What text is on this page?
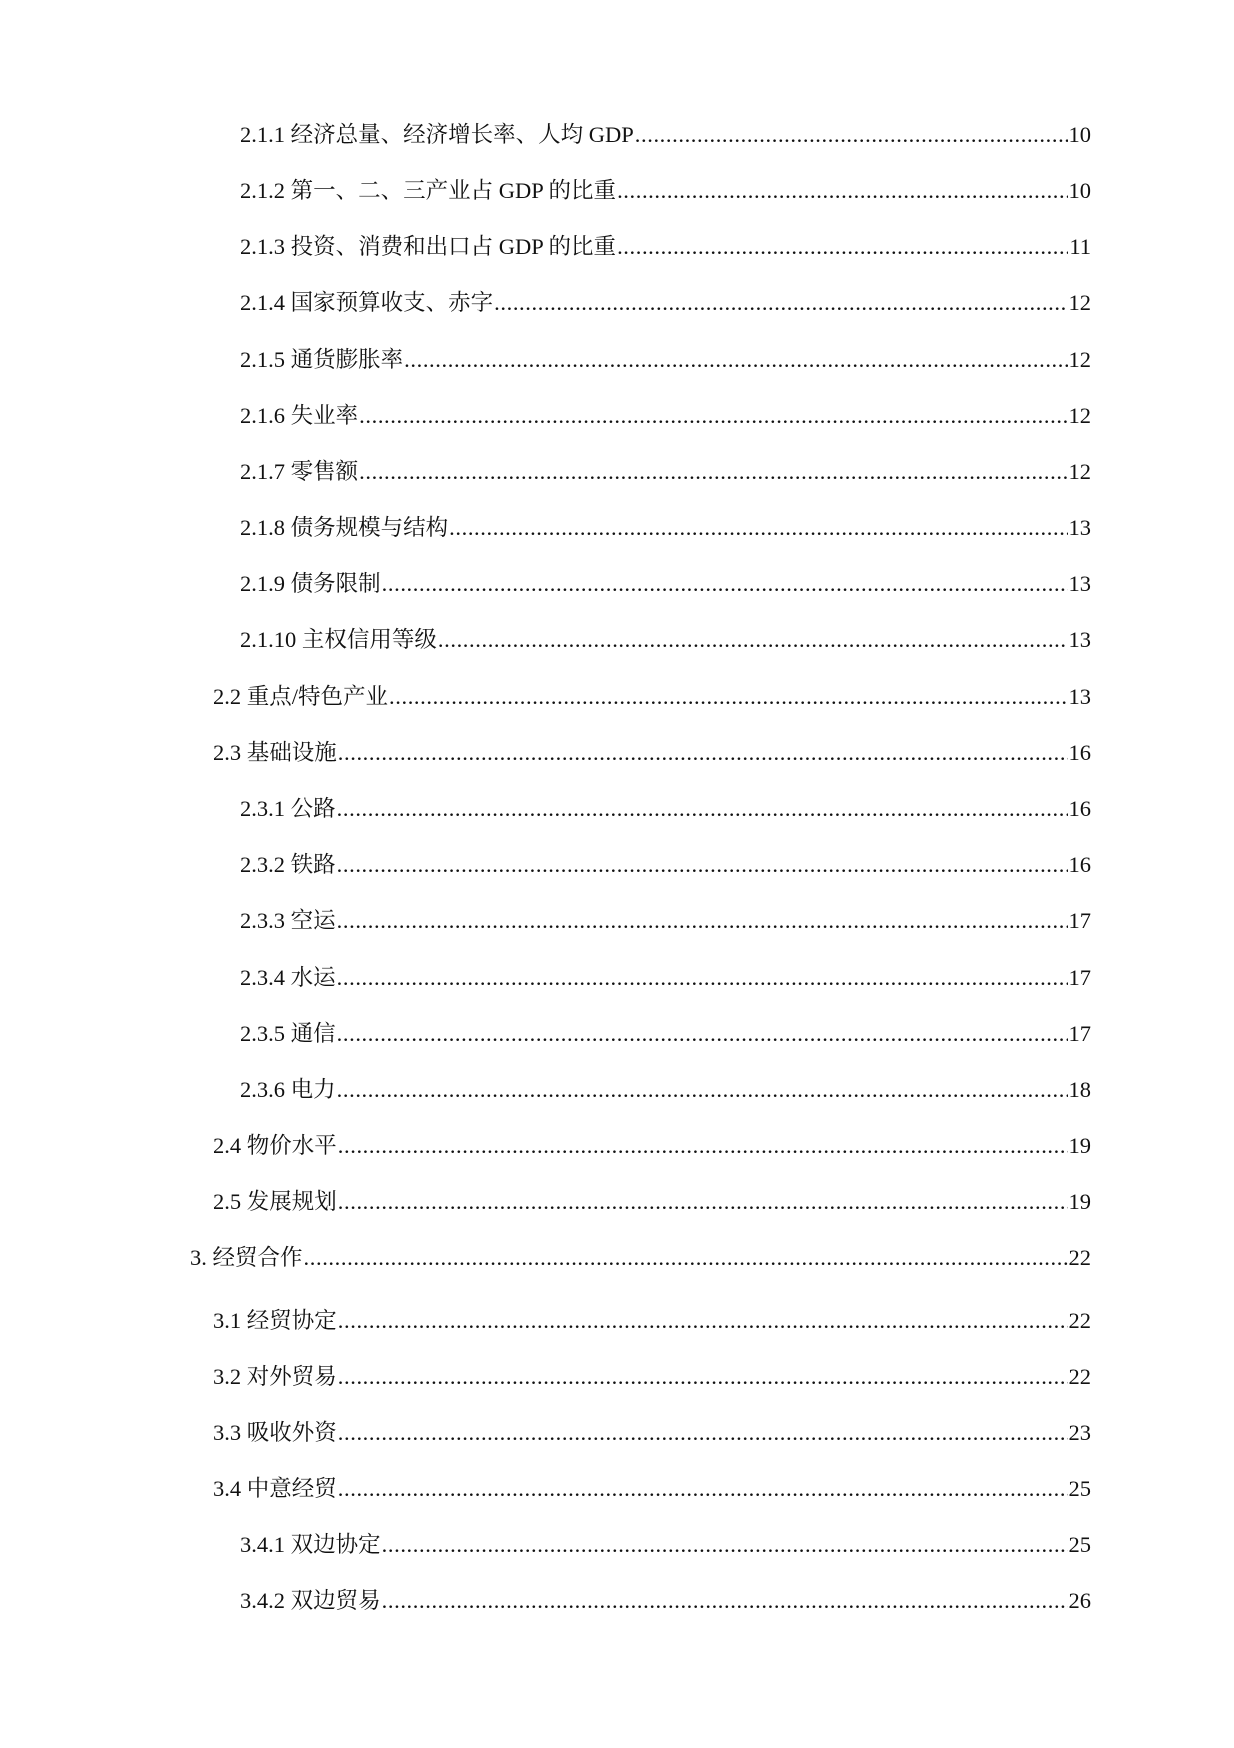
2.1.1 经济总量、经济增长率、人均 GDP .....	10
2.1.2 第一、二、三产业占 GDP 的比重 .....	10
2.1.3 投资、消费和出口占 GDP 的比重 .....	11
2.1.4 国家预算收支、赤字 .....	12
2.1.5 通货膨胀率 .....	12
2.1.6 失业率 .....	12
2.1.7 零售额 .....	12
2.1.8 债务规模与结构 .....	13
2.1.9 债务限制 .....	13
2.1.10 主权信用等级 .....	13
2.2 重点/特色产业 .....	13
2.3 基础设施 .....	16
2.3.1 公路 .....	16
2.3.2 铁路 .....	16
2.3.3 空运 .....	17
2.3.4 水运 .....	17
2.3.5 通信 .....	17
2.3.6 电力 .....	18
2.4 物价水平 .....	19
2.5 发展规划 .....	19
3. 经贸合作 .....	22
3.1 经贸协定 .....	22
3.2 对外贸易 .....	22
3.3 吸收外资 .....	23
3.4 中意经贸 .....	25
3.4.1 双边协定 .....	25
3.4.2 双边贸易 .....	26
